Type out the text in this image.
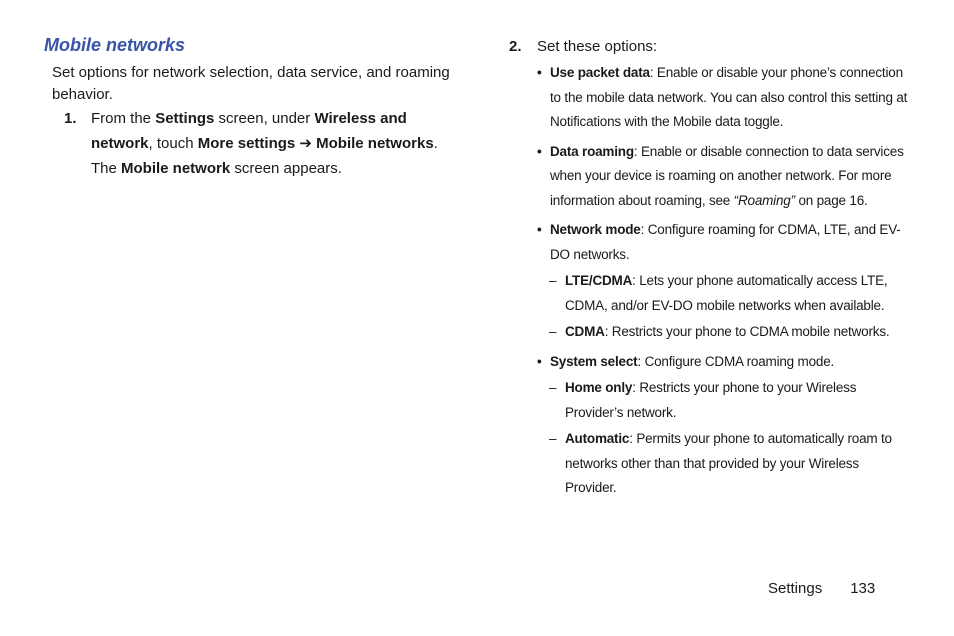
Mobile networks

Set options for network selection, data service, and roaming behavior.

1. From the Settings screen, under Wireless and network, touch More settings ➔ Mobile networks. The Mobile network screen appears.
2. Set these options:
• Use packet data: Enable or disable your phone’s connection to the mobile data network. You can also control this setting at Notifications with the Mobile data toggle.
• Data roaming: Enable or disable connection to data services when your device is roaming on another network. For more information about roaming, see “Roaming” on page 16.
• Network mode: Configure roaming for CDMA, LTE, and EV-DO networks.
– LTE/CDMA: Lets your phone automatically access LTE, CDMA, and/or EV-DO mobile networks when available.
– CDMA: Restricts your phone to CDMA mobile networks.
• System select: Configure CDMA roaming mode.
– Home only: Restricts your phone to your Wireless Provider’s network.
– Automatic: Permits your phone to automatically roam to networks other than that provided by your Wireless Provider.
Settings 133
